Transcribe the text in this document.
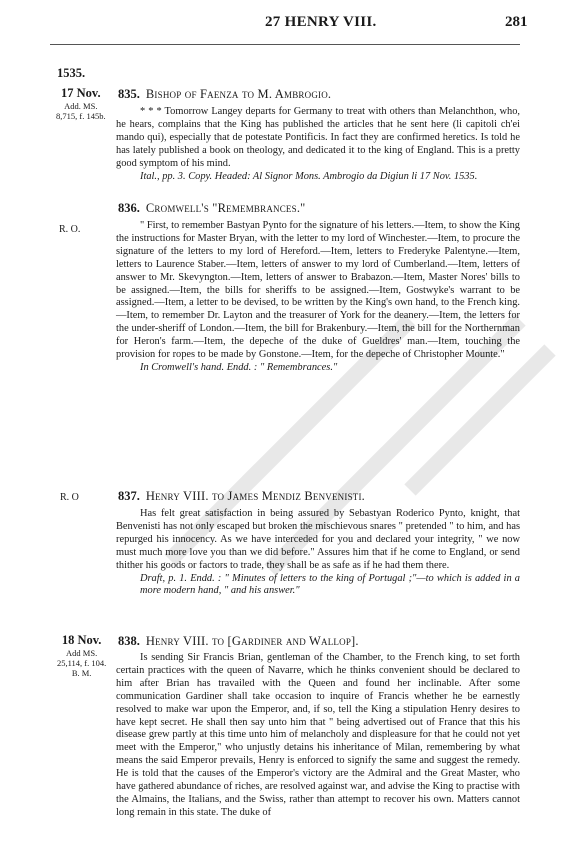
27 HENRY VIII.	281
1535.
17 Nov.
Add. MS.
8,715, f. 145b.
835. Bishop of Faenza to M. Ambrogio.

* * * Tomorrow Langey departs for Germany to treat with others than Melanchthon, who, he hears, complains that the King has published the articles that he sent here (li capitoli ch'ei mando qui), especially that de potestate Pontificis. In fact they are confirmed heretics. Is told he has lately published a book on theology, and dedicated it to the king of England. This is a pretty good symptom of his mind.

Ital., pp. 3. Copy. Headed: Al Signor Mons. Ambrogio da Digiun li 17 Nov. 1535.

R. O.
836. Cromwell's "Remembrances."

" First, to remember Bastyan Pynto for the signature of his letters.—Item, to show the King the instructions for Master Bryan, with the letter to my lord of Winchester.—Item, to procure the signature of the letters to my lord of Hereford.—Item, letters to Frederyke Palentyne.—Item, letters to Laurence Staber.—Item, letters of answer to my lord of Cumberland.—Item, letters of answer to Mr. Skevyngton.—Item, letters of answer to Brabazon.—Item, Master Nores' bills to be assigned.—Item, the bills for sheriffs to be assigned.—Item, Gostwyke's warrant to be assigned.—Item, a letter to be devised, to be written by the King's own hand, to the French king.—Item, to remember Dr. Layton and the treasurer of York for the deanery.—Item, the letters for the under-sheriff of London.—Item, the bill for Brakenbury.—Item, the bill for the Northernman for Heron's farm.—Item, the depeche of the duke of Gueldres' man.—Item, touching the provision for ropes to be made by Gonstone.—Item, for the depeche of Christopher Mounte."

In Cromwell's hand. Endd. : " Remembrances."

R. O	837. Henry VIII. to James Mendiz Benvenisti.

Has felt great satisfaction in being assured by Sebastyan Roderico Pynto, knight, that Benvenisti has not only escaped but broken the mischievous snares " pretended " to him, and has repurged his innocency. As we have interceded for you and declared your integrity, " we now must much more love you than we did before." Assures him that if he come to England, or send thither his goods or factors to trade, they shall be as safe as if he had them there.

Draft, p. 1. Endd. : " Minutes of letters to the king of Portugal ;"—to which is added in a more modern hand, " and his answer."

18 Nov.
Add MS.
25,114, f. 104.
B. M.
838. Henry VIII. to [Gardiner and Wallop].

Is sending Sir Francis Brian, gentleman of the Chamber, to the French king, to set forth certain practices with the queen of Navarre, which he thinks convenient should be declared to him after Brian has travailed with the Queen and found her inclinable. After some communication Gardiner shall take occasion to inquire of Francis whether he be earnestly resolved to make war upon the Emperor, and, if so, tell the King a stipulation Henry desires to have kept secret. He shall then say unto him that " being advertised out of France that this his disease grew partly at this time unto him of melancholy and displeasure for that he could not yet meet with the Emperor," who unjustly detains his inheritance of Milan, remembering by what means the said Emperor prevails, Henry is enforced to signify the same and suggest the remedy. He is told that the causes of the Emperor's victory are the Admiral and the Great Master, who have gathered abundance of riches, are resolved against war, and advise the King to practise with the Almains, the Italians, and the Swiss, rather than attempt to recover his own. Matters cannot long remain in this state. The duke of
